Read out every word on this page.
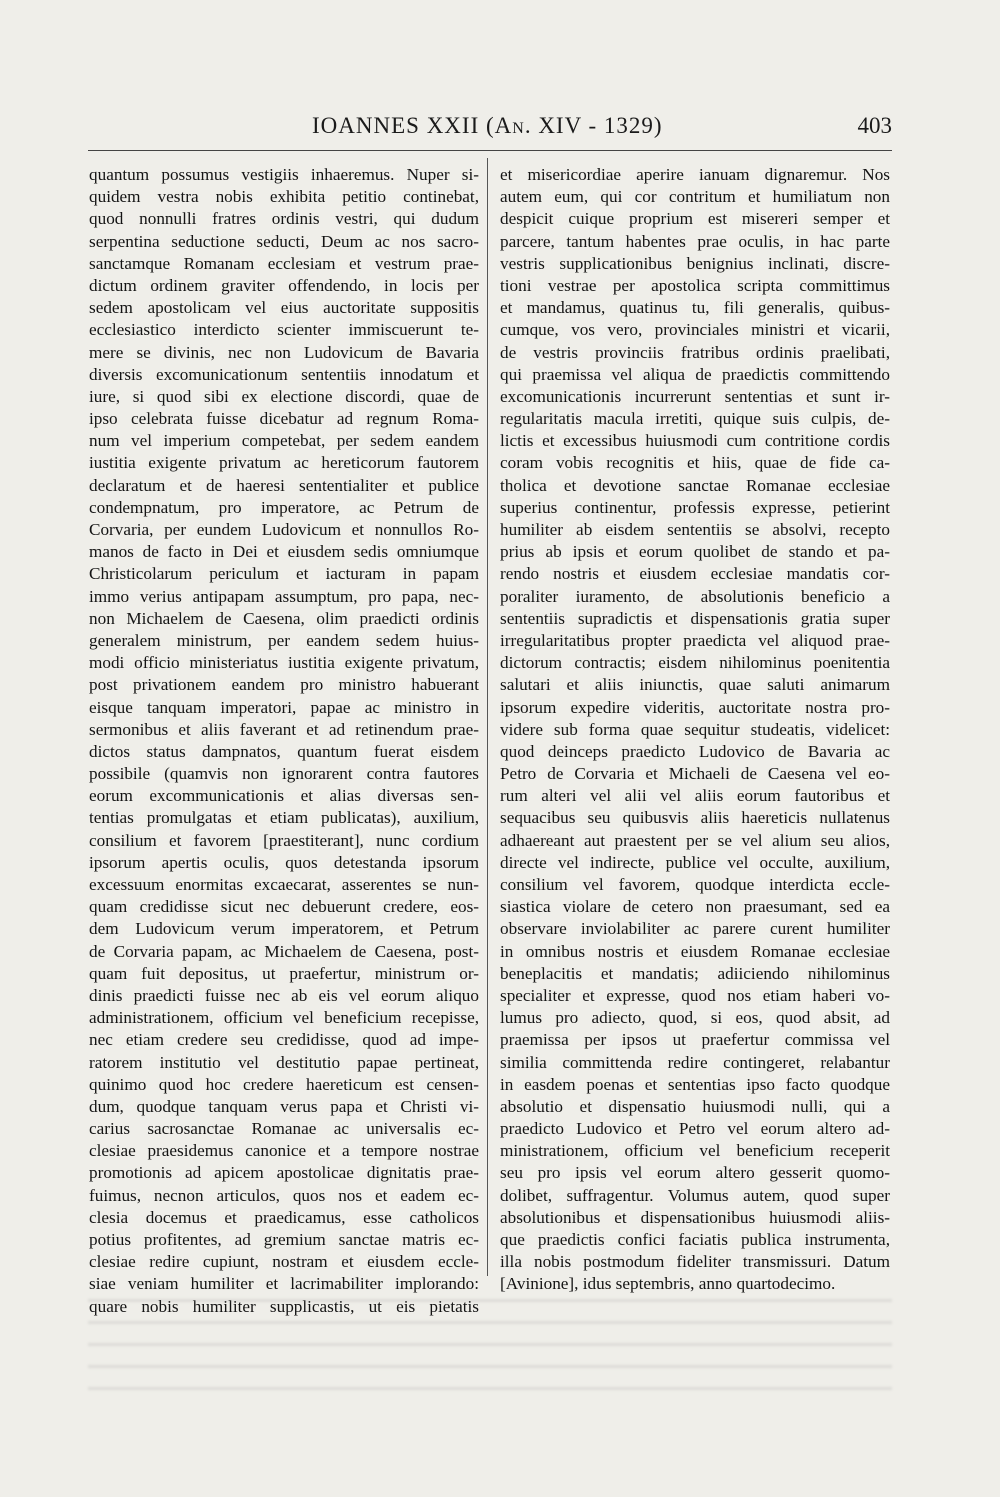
IOANNES XXII (An. XIV - 1329)	403
quantum possumus vestigiis inhaeremus. Nuper si-
quidem vestra nobis exhibita petitio continebat,
quod nonnulli fratres ordinis vestri, qui dudum
serpentina seductione seducti, Deum ac nos sacro-
sanctamque Romanam ecclesiam et vestrum prae-
dictum ordinem graviter offendendo, in locis per
sedem apostolicam vel eius auctoritate suppositis
ecclesiastico interdicto scienter immiscuerunt te-
mere se divinis, nec non Ludovicum de Bavaria
diversis excomunicationum sententiis innodatum et
iure, si quod sibi ex electione discordi, quae de
ipso celebrata fuisse dicebatur ad regnum Roma-
num vel imperium competebat, per sedem eandem
iustitia exigente privatum ac hereticorum fautorem
declaratum et de haeresi sententialiter et publice
condempnatum, pro imperatore, ac Petrum de
Corvaria, per eundem Ludovicum et nonnullos Ro-
manos de facto in Dei et eiusdem sedis omniumque
Christicolarum periculum et iacturam in papam
immo verius antipapam assumptum, pro papa, nec-
non Michaelem de Caesena, olim praedicti ordinis
generalem ministrum, per eandem sedem huius-
modi officio ministeriatus iustitia exigente privatum,
post privationem eandem pro ministro habuerant
eisque tanquam imperatori, papae ac ministro in
sermonibus et aliis faverant et ad retinendum prae-
dictos status dampnatos, quantum fuerat eisdem
possibile (quamvis non ignorarent contra fautores
eorum excommunicationis et alias diversas sen-
tentias promulgatas et etiam publicatas), auxilium,
consilium et favorem [praestiterant], nunc cordium
ipsorum apertis oculis, quos detestanda ipsorum
excessuum enormitas excaecarat, asserentes se nun-
quam credidisse sicut nec debuerunt credere, eos-
dem Ludovicum verum imperatorem, et Petrum
de Corvaria papam, ac Michaelem de Caesena, post-
quam fuit depositus, ut praefertur, ministrum or-
dinis praedicti fuisse nec ab eis vel eorum aliquo
administrationem, officium vel beneficium recepisse,
nec etiam credere seu credidisse, quod ad impe-
ratorem institutio vel destitutio papae pertineat,
quinimo quod hoc credere haereticum est censen-
dum, quodque tanquam verus papa et Christi vi-
carius sacrosanctae Romanae ac universalis ec-
clesiae praesidemus canonice et a tempore nostrae
promotionis ad apicem apostolicae dignitatis prae-
fuimus, necnon articulos, quos nos et eadem ec-
clesia docemus et praedicamus, esse catholicos
potius profitentes, ad gremium sanctae matris ec-
clesiae redire cupiunt, nostram et eiusdem eccle-
siae veniam humiliter et lacrimabiliter implorando:
quare nobis humiliter supplicastis, ut eis pietatis
et misericordiae aperire ianuam dignaremur. Nos
autem eum, qui cor contritum et humiliatum non
despicit cuique proprium est misereri semper et
parcere, tantum habentes prae oculis, in hac parte
vestris supplicationibus benignius inclinati, discre-
tioni vestrae per apostolica scripta committimus
et mandamus, quatinus tu, fili generalis, quibus-
cumque, vos vero, provinciales ministri et vicarii,
de vestris provinciis fratribus ordinis praelibati,
qui praemissa vel aliqua de praedictis committendo
excomunicationis incurrerunt sententias et sunt ir-
regularitatis macula irretiti, quique suis culpis, de-
lictis et excessibus huiusmodi cum contritione cordis
coram vobis recognitis et hiis, quae de fide ca-
tholica et devotione sanctae Romanae ecclesiae
superius continentur, professis expresse, petierint
humiliter ab eisdem sententiis se absolvi, recepto
prius ab ipsis et eorum quolibet de stando et pa-
rendo nostris et eiusdem ecclesiae mandatis cor-
poraliter iuramento, de absolutionis beneficio a
sententiis supradictis et dispensationis gratia super
irregularitatibus propter praedicta vel aliquod prae-
dictorum contractis; eisdem nihilominus poenitentia
salutari et aliis iniunctis, quae saluti animarum
ipsorum expedire videritis, auctoritate nostra pro-
videre sub forma quae sequitur studeatis, videlicet:
quod deinceps praedicto Ludovico de Bavaria ac
Petro de Corvaria et Michaeli de Caesena vel eo-
rum alteri vel alii vel aliis eorum fautoribus et
sequacibus seu quibusvis aliis haereticis nullatenus
adhaereant aut praestent per se vel alium seu alios,
directe vel indirecte, publice vel occulte, auxilium,
consilium vel favorem, quodque interdicta eccle-
siastica violare de cetero non praesumant, sed ea
observare inviolabiliter ac parere curent humiliter
in omnibus nostris et eiusdem Romanae ecclesiae
beneplacitis et mandatis; adiiciendo nihilominus
specialiter et expresse, quod nos etiam haberi vo-
lumus pro adiecto, quod, si eos, quod absit, ad
praemissa per ipsos ut praefertur commissa vel
similia committenda redire contingeret, relabantur
in easdem poenas et sententias ipso facto quodque
absolutio et dispensatio huiusmodi nulli, qui a
praedicto Ludovico et Petro vel eorum altero ad-
ministrationem, officium vel beneficium receperit
seu pro ipsis vel eorum altero gesserit quomo-
dolibet, suffragentur. Volumus autem, quod super
absolutionibus et dispensationibus huiusmodi aliis-
que praedictis confici faciatis publica instrumenta,
illa nobis postmodum fideliter transmissuri. Datum
[Avinione], idus septembris, anno quartodecimo.
